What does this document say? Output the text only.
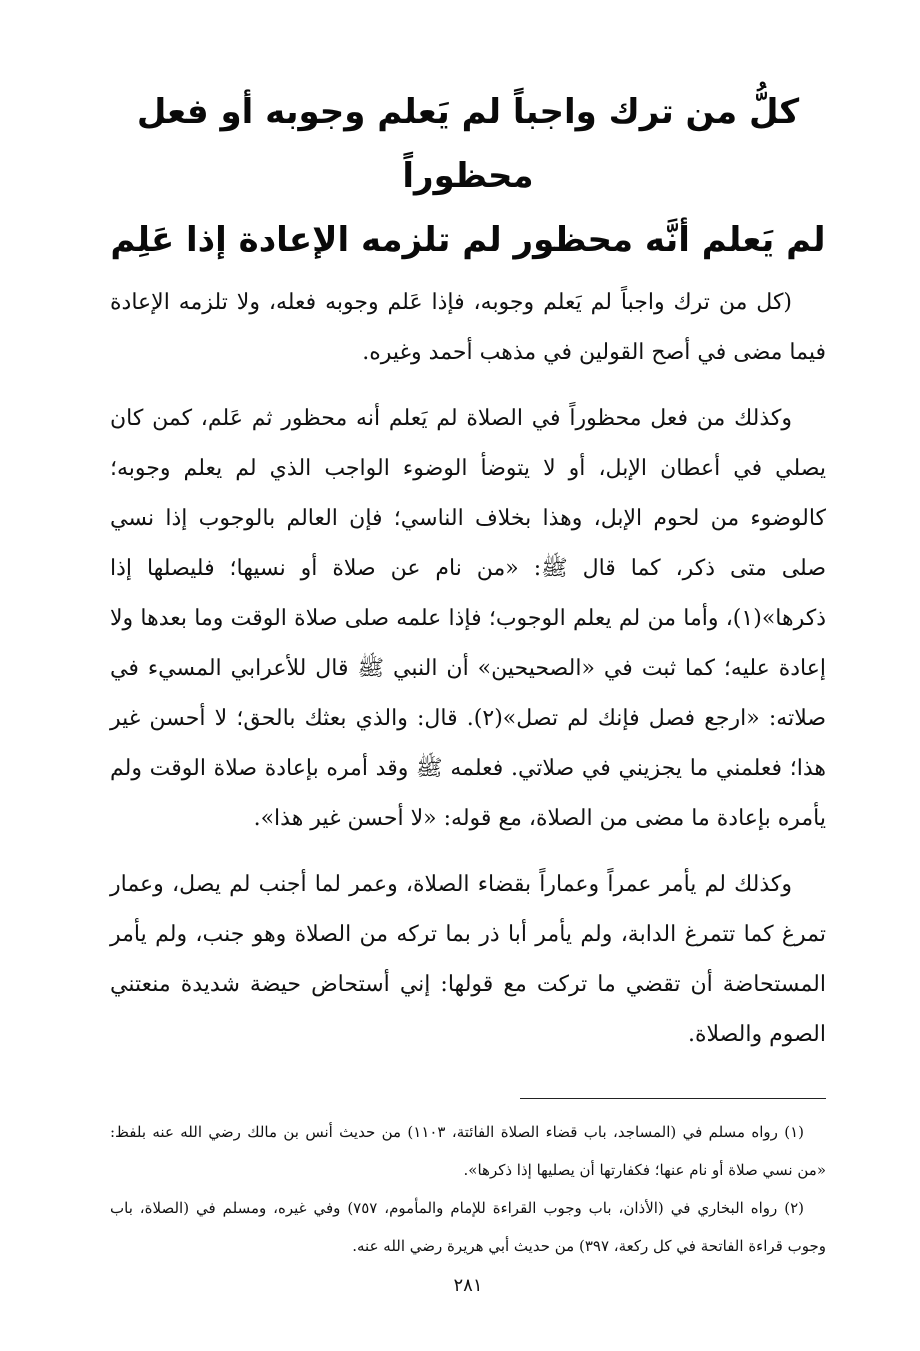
كلُّ من ترك واجباً لم يَعلم وجوبه أو فعل محظوراً
لم يَعلم أنَّه محظور لم تلزمه الإعادة إذا عَلِم

(كل من ترك واجباً لم يَعلم وجوبه، فإذا عَلم وجوبه فعله، ولا تلزمه الإعادة فيما مضى في أصح القولين في مذهب أحمد وغيره.

وكذلك من فعل محظوراً في الصلاة لم يَعلم أنه محظور ثم عَلم، كمن كان يصلي في أعطان الإبل، أو لا يتوضأ الوضوء الواجب الذي لم يعلم وجوبه؛ كالوضوء من لحوم الإبل، وهذا بخلاف الناسي؛ فإن العالم بالوجوب إذا نسي صلى متى ذكر، كما قال ﷺ: «من نام عن صلاة أو نسيها؛ فليصلها إذا ذكرها»(١)، وأما من لم يعلم الوجوب؛ فإذا علمه صلى صلاة الوقت وما بعدها ولا إعادة عليه؛ كما ثبت في «الصحيحين» أن النبي ﷺ قال للأعرابي المسيء في صلاته: «ارجع فصل فإنك لم تصل»(٢). قال: والذي بعثك بالحق؛ لا أحسن غير هذا؛ فعلمني ما يجزيني في صلاتي. فعلمه ﷺ وقد أمره بإعادة صلاة الوقت ولم يأمره بإعادة ما مضى من الصلاة، مع قوله: «لا أحسن غير هذا».

وكذلك لم يأمر عمراً وعماراً بقضاء الصلاة، وعمر لما أجنب لم يصل، وعمار تمرغ كما تتمرغ الدابة، ولم يأمر أبا ذر بما تركه من الصلاة وهو جنب، ولم يأمر المستحاضة أن تقضي ما تركت مع قولها: إني أستحاض حيضة شديدة منعتني الصوم والصلاة.

(١) رواه مسلم في (المساجد، باب قضاء الصلاة الفائتة، ١١٠٣) من حديث أنس بن مالك رضي الله عنه بلفظ: «من نسي صلاة أو نام عنها؛ فكفارتها أن يصليها إذا ذكرها».

(٢) رواه البخاري في (الأذان، باب وجوب القراءة للإمام والمأموم، ٧٥٧) وفي غيره، ومسلم في (الصلاة، باب وجوب قراءة الفاتحة في كل ركعة، ٣٩٧) من حديث أبي هريرة رضي الله عنه.

٢٨١
